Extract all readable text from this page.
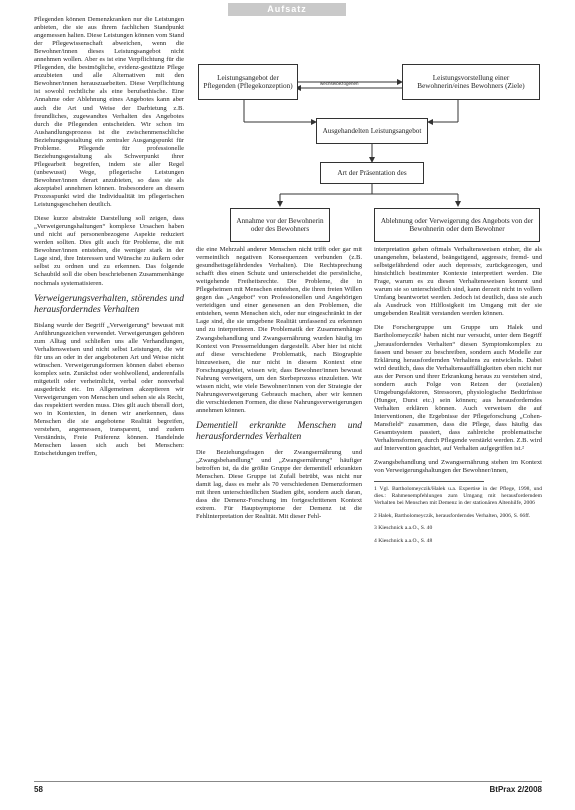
Aufsatz

Pflegenden können Demenzkranken nur die Leistungen anbieten, die sie aus ihrem fachlichen Standpunkt angemessen halten. Diese Leistungen können vom Stand der Pflegewissenschaft abweichen, wenn die Bewohner/innen dieses Leistungsangebot nicht annehmen wollen. Aber es ist eine Verpflichtung für die Pflegenden, die bestmögliche, evidenz-gestützte Pflege anzubieten und alle Alternativen mit den Bewohner/innen herauszuarbeiten. Diese Verpflichtung ist sowohl rechtliche als eine berufsethische. Eine Annahme oder Ablehnung eines Angebotes kann aber auch die Art und Weise der Darbietung z.B. freundliches, zugewandtes Verhalten des Angebotes durch die Pflegenden entscheiden. Wir schon im Aushandlungsprozess ist die zwischenmenschliche Beziehungsgestaltung ein zentraler Ausgangspunkt für Probleme. Pflegende für professionelle Beziehungsgestaltung als Schwerpunkt ihrer Pflegearbeit begreifen, indem sie aller Regel (unbewusst) Wege, pflegerische Leistungen Bewohner/innen derart anzubieten, so dass sie als akzeptabel annehmen können. Insbesondere an diesem Prozesspunkt wird die Individualität im pflegerischen Leistungsgeschehen deutlich.

Diese kurze abstrakte Darstellung soll zeigen, dass „Verweigerungshaltungen“ komplexe Ursachen haben und nicht auf personenbezogene Aspekte reduziert werden sollten. Dies gilt auch für Probleme, die mit Bewohner/innen entstehen, die weniger stark in der Lage sind, ihre Interessen und Wünsche zu äußern oder selbst zu ordnen und zu erkennen. Das folgende Schaubild soll die oben beschriebenen Zusammenhänge nochmals systematisieren.

Verweigerungsverhalten, störendes und herausforderndes Verhalten

Bislang wurde der Begriff „Verweigerung“ bewusst mit Anführungszeichen verwendet. Verweigerungen gehören zum Alltag und schließen uns alle Verhandlungen, Verhaltensweisen und nicht selbst Leistungen, die wir für uns an oder in der angebotenen Art und Weise nicht wünschen. Verweigerungsformen können dabei ebenso komplex sein. Zunächst oder wohlwollend, anderenfalls mitgeteilt oder verheimlicht, verbal oder nonverbal ausgedrückt etc. Im Allgemeinen akzeptieren wir Verweigerungen von Menschen und sehen sie als Recht, das respektiert werden muss. Dies gilt auch überall dort, wo in Kontexten, in denen wir anerkennen, dass Menschen die sie angebotene Realität begreifen, verstehen, angemessen, transparent, und zudem Verständnis, Freie Präferenz können. Handelnde Menschen lassen sich auch bei Menschen: Entscheidungen treffen,

Leistungsangebot der Pflegenden (Pflegekonzeption)
Leistungsvorstellung einer Bewohnerin/eines Bewohners (Ziele)
wechselbezogenen
Ausgehandelten Leistungsangebot
Art der Präsentation des
Annahme vor der Bewohnerin oder des Bewohners
Ablehnung oder Verweigerung des Angebots von der Bewohnerin oder dem Bewohner

die eine Mehrzahl anderer Menschen nicht trifft oder gar mit vermeintlich negativen Konsequenzen verbunden (z.B. gesundheitsgefährdendes Verhalten). Die Rechtsprechung schafft dies einen Schutz und unterscheidet die persönliche, weitgehende Freiheitsrechte. Die Probleme, die in Pflegeheimen mit Menschen entstehen, die ihren freien Willen gegen das „Angebot“ von Professionellen und Angehörigen verteidigen und einer genesenen an den Problemen, die entstehen, wenn Menschen sich, oder nur eingeschränkt in der Lage sind, die sie umgebene Realität umfassend zu erkennen und zu interpretieren. Die Problematik der Zusammenhänge Zwangsbehandlung und Zwangsernährung wurden häufig im Kontext von Pressemeldungen dargestellt. Aber hier ist nicht auf diese verschiedene Problematik, nach Biographie hinzuweisen, die nur nicht in diesem Kontext eine Forschungsgebiet, wissen wir, dass Bewohner/innen bewusst Nahrung verweigern, um den Sterbeprozess einzuleiten. Wir wissen nicht, wie viele Bewohner/innen von der Strategie der Nahrungsverweigerung Gebrauch machen, aber wir kennen die verschiedenen Formen, die diese Nahrungsverweigerungen annehmen können.

Dementiell erkrankte Menschen und herausforderndes Verhalten

Die Beziehungsfragen der Zwangsernährung und „Zwangsbehandlung“ und „Zwangsernährung“ häufiger betroffen ist, da die größte Gruppe der dementiell erkrankten Menschen. Diese Gruppe ist Zufall betrübt, was nicht nur damit lag, dass es mehr als 70 verschiedenen Demenzformen mit ihren unterschiedlichen Stadien gibt, sondern auch daran, dass die Demenz-Forschung im fortgeschrittenen Kontext extrem. Für Hauptsymptome der Demenz ist die Fehlinterpretation der Realität. Mit dieser Fehl-

interpretation gehen oftmals Verhaltensweisen einher, die als unangenehm, belastend, beängstigend, aggressiv, fremd- und selbstgefährdend oder auch depressiv, zurückgezogen, und hinsichtlich bestimmter Kontexte interpretiert werden. Die Frage, warum es zu diesen Verhaltensweisen kommt und warum sie so unterschiedlich sind, kann derzeit nicht in vollem Umfang beantwortet werden. Jedoch ist deutlich, dass sie auch als Ausdruck von Hilflosigkeit im Umgang mit der sie umgebenden Realität verstanden werden können.

Die Forschergruppe um Gruppe um Halek und Bartholomeyczik¹ haben nicht nur versucht, unter dem Begriff „herausforderndes Verhalten“ diesen Symptomkomplex zu fassen und besser zu beschreiben, sondern auch Modelle zur Erklärung herausfordernden Verhaltens zu entwickeln. Dabei wird deutlich, dass die Verhaltensauffälligkeiten eben nicht nur aus der Person und ihrer Erkrankung heraus zu verstehen sind, sondern auch Folge von Reizen der (sozialen) Umgebungsfaktoren, Stressoren, physiologische Bedürfnisse (Hunger, Durst etc.) sein können; aus herausforderndes Verhalten erklären können. Auch verweisen die auf Interventionen, die Ergebnisse der Pflegeforschung „Cohen-Mansfield“ zusammen, dass die Pflege, dass häufig das Gesamtsystem passiert, dass zahlreiche problematische Verhaltensformen, durch Pflegende verstärkt werden. Z.B. wird auf Intervention geachtet, auf Verhalten aufgegriffen ist.²

Zwangsbehandlung und Zwangsernährung stehen im Kontext von Verweigerungshaltungen der Bewohner/innen,

1 Vgl. Bartholomeyczik/Halek u.a. Expertise in der Pflege, 1998, und dies.: Rahmenempfehlungen zum Umgang mit herausforderndem Verhalten bei Menschen mit Demenz in der stationären Altenhilfe, 2006

2 Halek, Bartholomeyczik, herausforderndes Verhalten, 2006, S. 66ff.

3 Kieschnick a.a.O., S. 40

4 Kieschnick a.a.O., S. 48

58	BtPrax 2/2008
